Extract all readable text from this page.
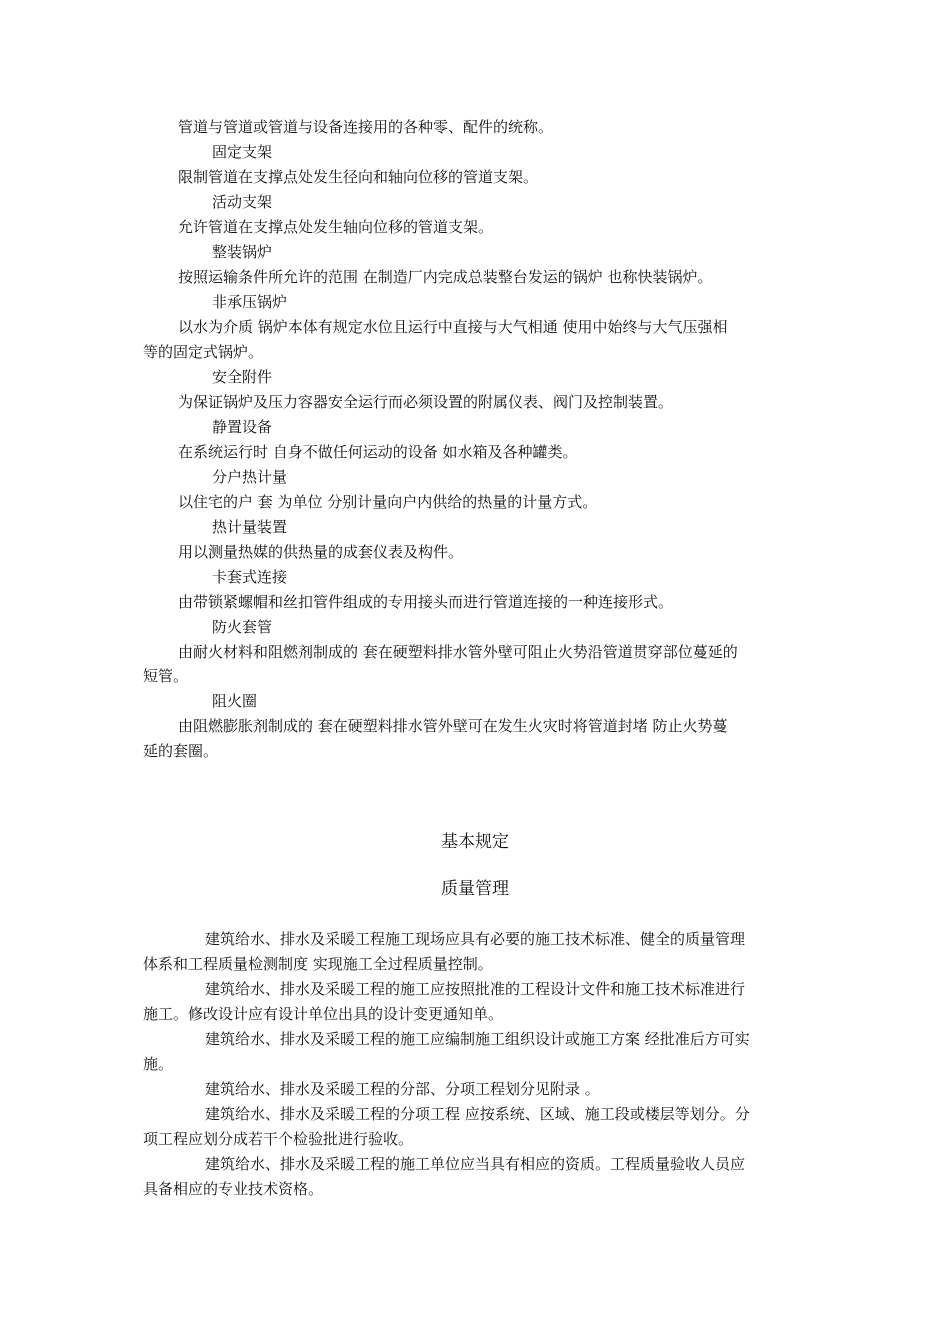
管道与管道或管道与设备连接用的各种零、配件的统称。
固定支架
限制管道在支撑点处发生径向和轴向位移的管道支架。
活动支架
允许管道在支撑点处发生轴向位移的管道支架。
整装锅炉
按照运输条件所允许的范围 在制造厂内完成总装整台发运的锅炉 也称快装锅炉。
非承压锅炉
以水为介质 锅炉本体有规定水位且运行中直接与大气相通 使用中始终与大气压强相
等的固定式锅炉。
安全附件
为保证锅炉及压力容器安全运行而必须设置的附属仪表、阀门及控制装置。
静置设备
在系统运行时 自身不做任何运动的设备 如水箱及各种罐类。
分户热计量
以住宅的户 套 为单位 分别计量向户内供给的热量的计量方式。
热计量装置
用以测量热媒的供热量的成套仪表及构件。
卡套式连接
由带锁紧螺帽和丝扣管件组成的专用接头而进行管道连接的一种连接形式。
防火套管
由耐火材料和阻燃剂制成的 套在硬塑料排水管外壁可阻止火势沿管道贯穿部位蔓延的
短管。
阻火圈
由阻燃膨胀剂制成的 套在硬塑料排水管外壁可在发生火灾时将管道封堵 防止火势蔓
延的套圈。
基本规定
质量管理
建筑给水、排水及采暖工程施工现场应具有必要的施工技术标准、健全的质量管理
体系和工程质量检测制度 实现施工全过程质量控制。
建筑给水、排水及采暖工程的施工应按照批准的工程设计文件和施工技术标准进行
施工。修改设计应有设计单位出具的设计变更通知单。
建筑给水、排水及采暖工程的施工应编制施工组织设计或施工方案 经批准后方可实
施。
建筑给水、排水及采暖工程的分部、分项工程划分见附录 。
建筑给水、排水及采暖工程的分项工程 应按系统、区域、施工段或楼层等划分。分
项工程应划分成若干个检验批进行验收。
建筑给水、排水及采暖工程的施工单位应当具有相应的资质。工程质量验收人员应
具备相应的专业技术资格。
